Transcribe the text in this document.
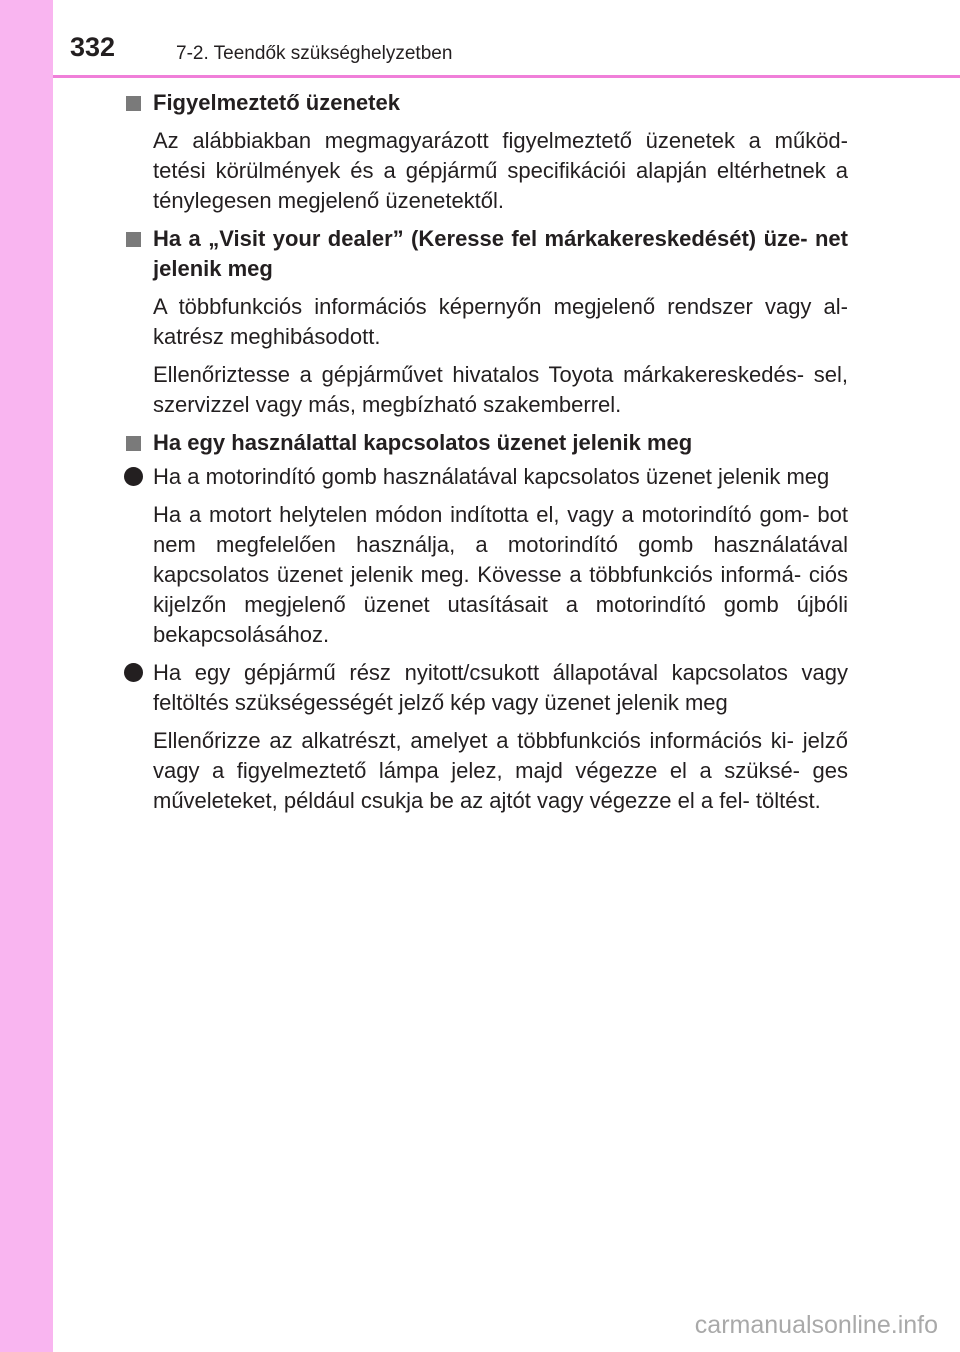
332	7-2. Teendők szükséghelyzetben
Figyelmeztető üzenetek
Az alábbiakban megmagyarázott figyelmeztető üzenetek a működ- tetési körülmények és a gépjármű specifikációi alapján eltérhetnek a ténylegesen megjelenő üzenetektől.
Ha a „Visit your dealer” (Keresse fel márkakereskedését) üze- net jelenik meg
A többfunkciós információs képernyőn megjelenő rendszer vagy al- katrész meghibásodott.
Ellenőriztesse a gépjárművet hivatalos Toyota márkakereskedés- sel, szervizzel vagy más, megbízható szakemberrel.
Ha egy használattal kapcsolatos üzenet jelenik meg
Ha a motorindító gomb használatával kapcsolatos üzenet jelenik meg
Ha a motort helytelen módon indította el, vagy a motorindító gom- bot nem megfelelően használja, a motorindító gomb használatával kapcsolatos üzenet jelenik meg. Kövesse a többfunkciós informá- ciós kijelzőn megjelenő üzenet utasításait a motorindító gomb újbóli bekapcsolásához.
Ha egy gépjármű rész nyitott/csukott állapotával kapcsolatos vagy feltöltés szükségességét jelző kép vagy üzenet jelenik meg
Ellenőrizze az alkatrészt, amelyet a többfunkciós információs ki- jelző vagy a figyelmeztető lámpa jelez, majd végezze el a szüksé- ges műveleteket, például csukja be az ajtót vagy végezze el a fel- töltést.
carmanualsonline.info
